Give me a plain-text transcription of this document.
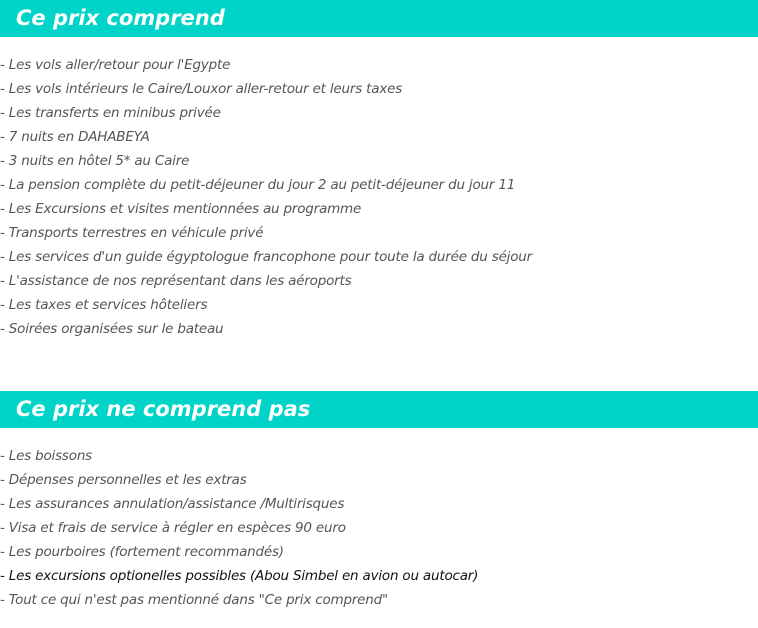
Ce prix comprend
- Les vols aller/retour pour l'Egypte
- Les vols intérieurs le Caire/Louxor aller-retour et leurs taxes
- Les transferts en minibus privée
- 7 nuits en DAHABEYA
- 3 nuits en hôtel 5* au Caire
- La pension complète du petit-déjeuner du jour 2 au petit-déjeuner du jour 11
- Les Excursions et visites mentionnées au programme
- Transports terrestres en véhicule privé
- Les services d'un guide égyptologue francophone pour toute la durée du séjour
- L'assistance de nos représentant dans les aéroports
- Les taxes et services hôteliers
- Soirées organisées sur le bateau
Ce prix ne comprend pas
- Les boissons
- Dépenses personnelles et les extras
- Les assurances annulation/assistance /Multirisques
- Visa et frais de service à régler en espèces 90 euro
- Les pourboires (fortement recommandés)
- Les excursions optionelles possibles (Abou Simbel en avion ou autocar)
- Tout ce qui n'est pas mentionné dans "Ce prix comprend"
